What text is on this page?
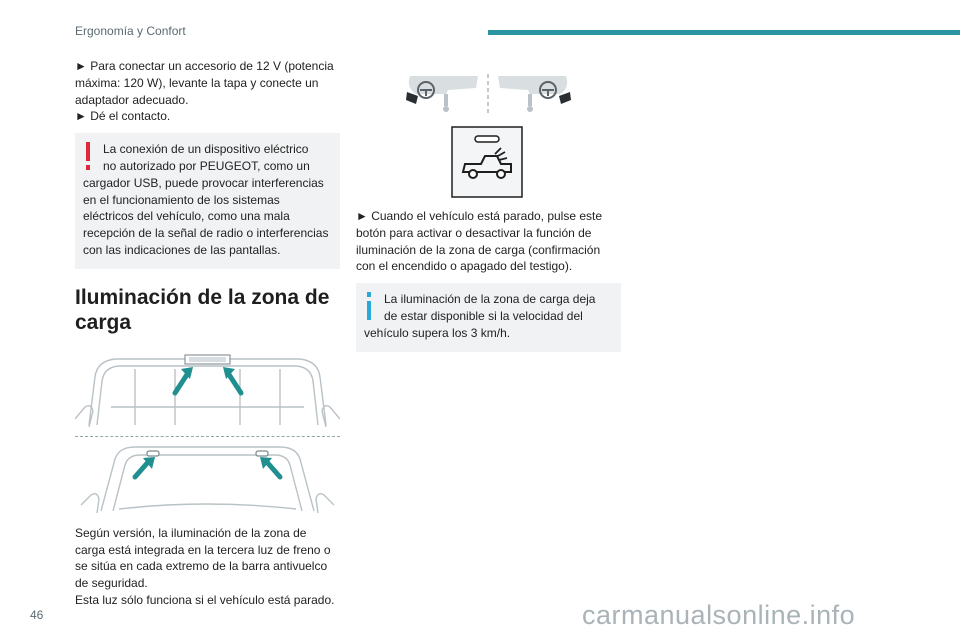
Ergonomía y Confort

► Para conectar un accesorio de 12 V (potencia
máxima: 120 W), levante la tapa y conecte un
adaptador adecuado.
► Dé el contacto.

La conexión de un dispositivo eléctrico
no autorizado por PEUGEOT, como un
cargador USB, puede provocar interferencias
en el funcionamiento de los sistemas
eléctricos del vehículo, como una mala
recepción de la señal de radio o interferencias
con las indicaciones de las pantallas.
Iluminación de la zona de
carga

Según versión, la iluminación de la zona de
carga está integrada en la tercera luz de freno o
se sitúa en cada extremo de la barra antivuelco
de seguridad.
Esta luz sólo funciona si el vehículo está parado.

► Cuando el vehículo está parado, pulse este
botón para activar o desactivar la función de
iluminación de la zona de carga (confirmación
con el encendido o apagado del testigo).

La iluminación de la zona de carga deja
de estar disponible si la velocidad del
vehículo supera los 3 km/h.
46	carmanualsonline.info
